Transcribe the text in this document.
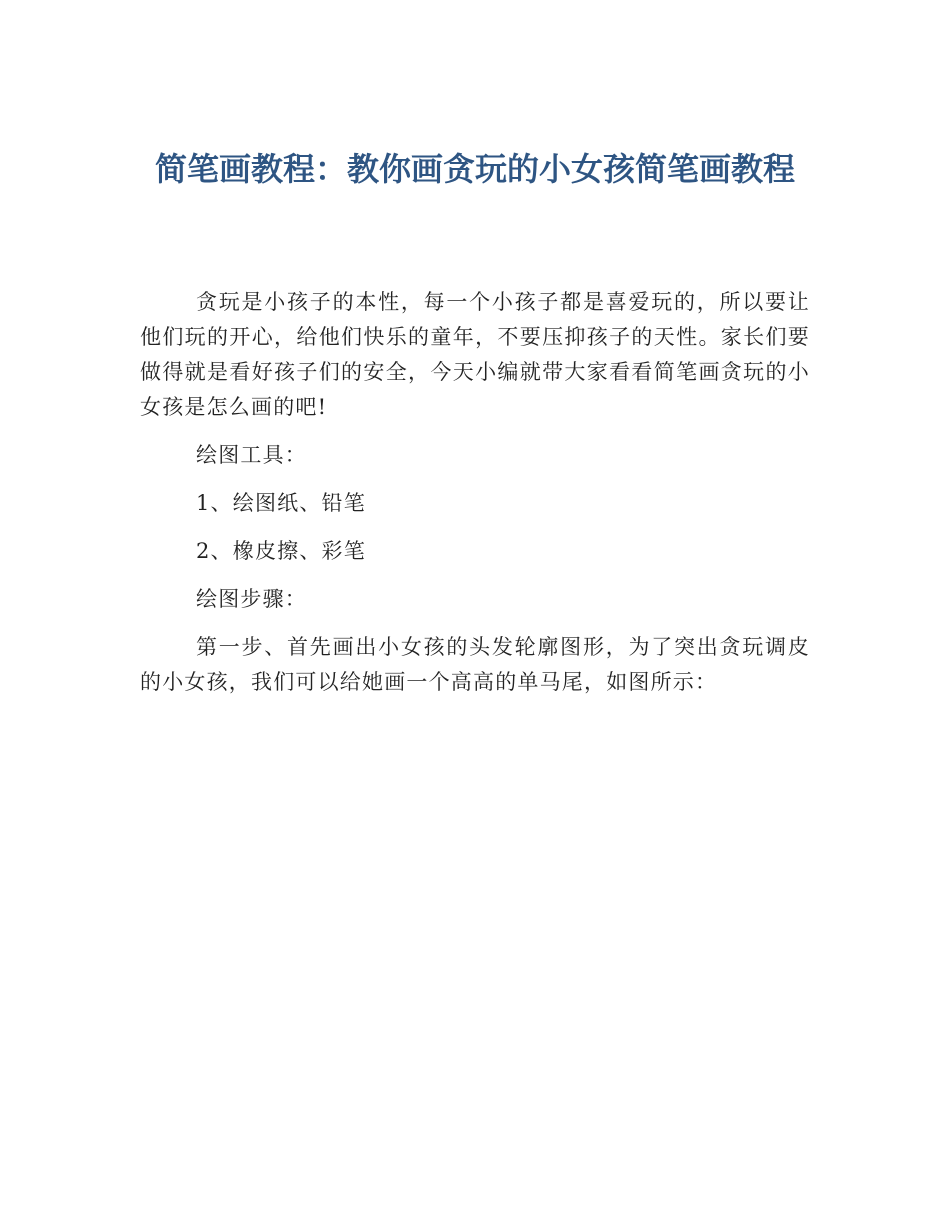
简笔画教程：教你画贪玩的小女孩简笔画教程

贪玩是小孩子的本性，每一个小孩子都是喜爱玩的，所以要让他们玩的开心，给他们快乐的童年，不要压抑孩子的天性。家长们要做得就是看好孩子们的安全，今天小编就带大家看看简笔画贪玩的小女孩是怎么画的吧!

绘图工具：

1、绘图纸、铅笔

2、橡皮擦、彩笔

绘图步骤：

第一步、首先画出小女孩的头发轮廓图形，为了突出贪玩调皮的小女孩，我们可以给她画一个高高的单马尾，如图所示：
